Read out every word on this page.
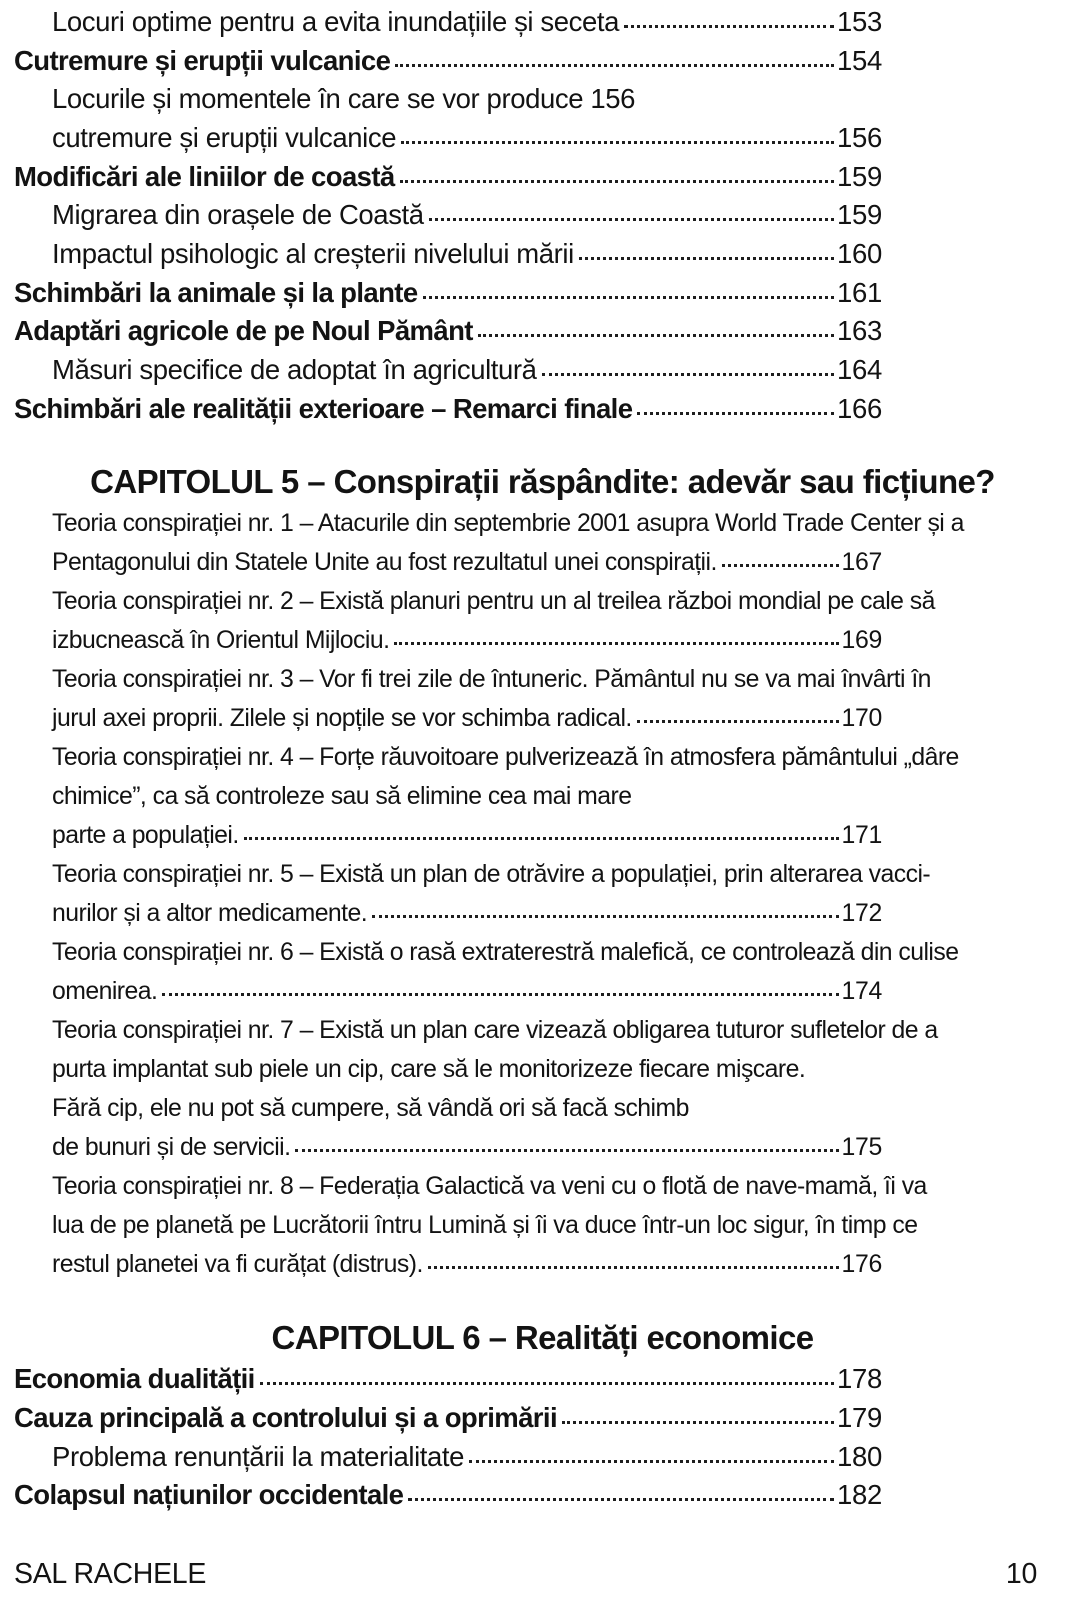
Locuri optime pentru a evita inundațiile și seceta	153
Cutremure și erupții vulcanice	154
Locurile și momentele în care se vor produce 156
cutremure și erupții vulcanice	156
Modificări ale liniilor de coastă	159
Migrarea din orașele de Coastă	159
Impactul psihologic al creșterii nivelului mării	160
Schimbări la animale și la plante	161
Adaptări agricole de pe Noul Pământ	163
Măsuri specifice de adoptat în agricultură	164
Schimbări ale realității exterioare – Remarci finale	166
CAPITOLUL 5 – Conspirații răspândite: adevăr sau ficțiune?
Teoria conspirației nr. 1 – Atacurile din septembrie 2001 asupra World Trade Center și a
Pentagonului din Statele Unite au fost rezultatul unei conspirații.	167
Teoria conspirației nr. 2 – Există planuri pentru un al treilea război mondial pe cale să
izbucnească în Orientul Mijlociu.	169
Teoria conspirației nr. 3 – Vor fi trei zile de întuneric. Pământul nu se va mai învârti în
jurul axei proprii. Zilele și nopțile se vor schimba radical.	170
Teoria conspirației nr. 4 – Forțe răuvoitoare pulverizează în atmosfera pământului „dâre
chimice”, ca să controleze sau să elimine cea mai mare
parte a populației.	171
Teoria conspirației nr. 5 – Există un plan de otrăvire a populației, prin alterarea vacci-
nurilor și a altor medicamente.	172
Teoria conspirației nr. 6 – Există o rasă extraterestră malefică, ce controlează din culise
omenirea.	174
Teoria conspirației nr. 7 – Există un plan care vizează obligarea tuturor sufletelor de a
purta implantat sub piele un cip, care să le monitorizeze fiecare mişcare.
Fără cip, ele nu pot să cumpere, să vândă ori să facă schimb
de bunuri și de servicii.	175
Teoria conspirației nr. 8 – Federația Galactică va veni cu o flotă de nave-mamă, îi va
lua de pe planetă pe Lucrătorii întru Lumină și îi va duce într-un loc sigur, în timp ce
restul planetei va fi curățat (distrus).	176
CAPITOLUL 6 – Realități economice
Economia dualității	178
Cauza principală a controlului și a oprimării	179
Problema renunțării la materialitate	180
Colapsul națiunilor occidentale	182
SAL RACHELE	10
